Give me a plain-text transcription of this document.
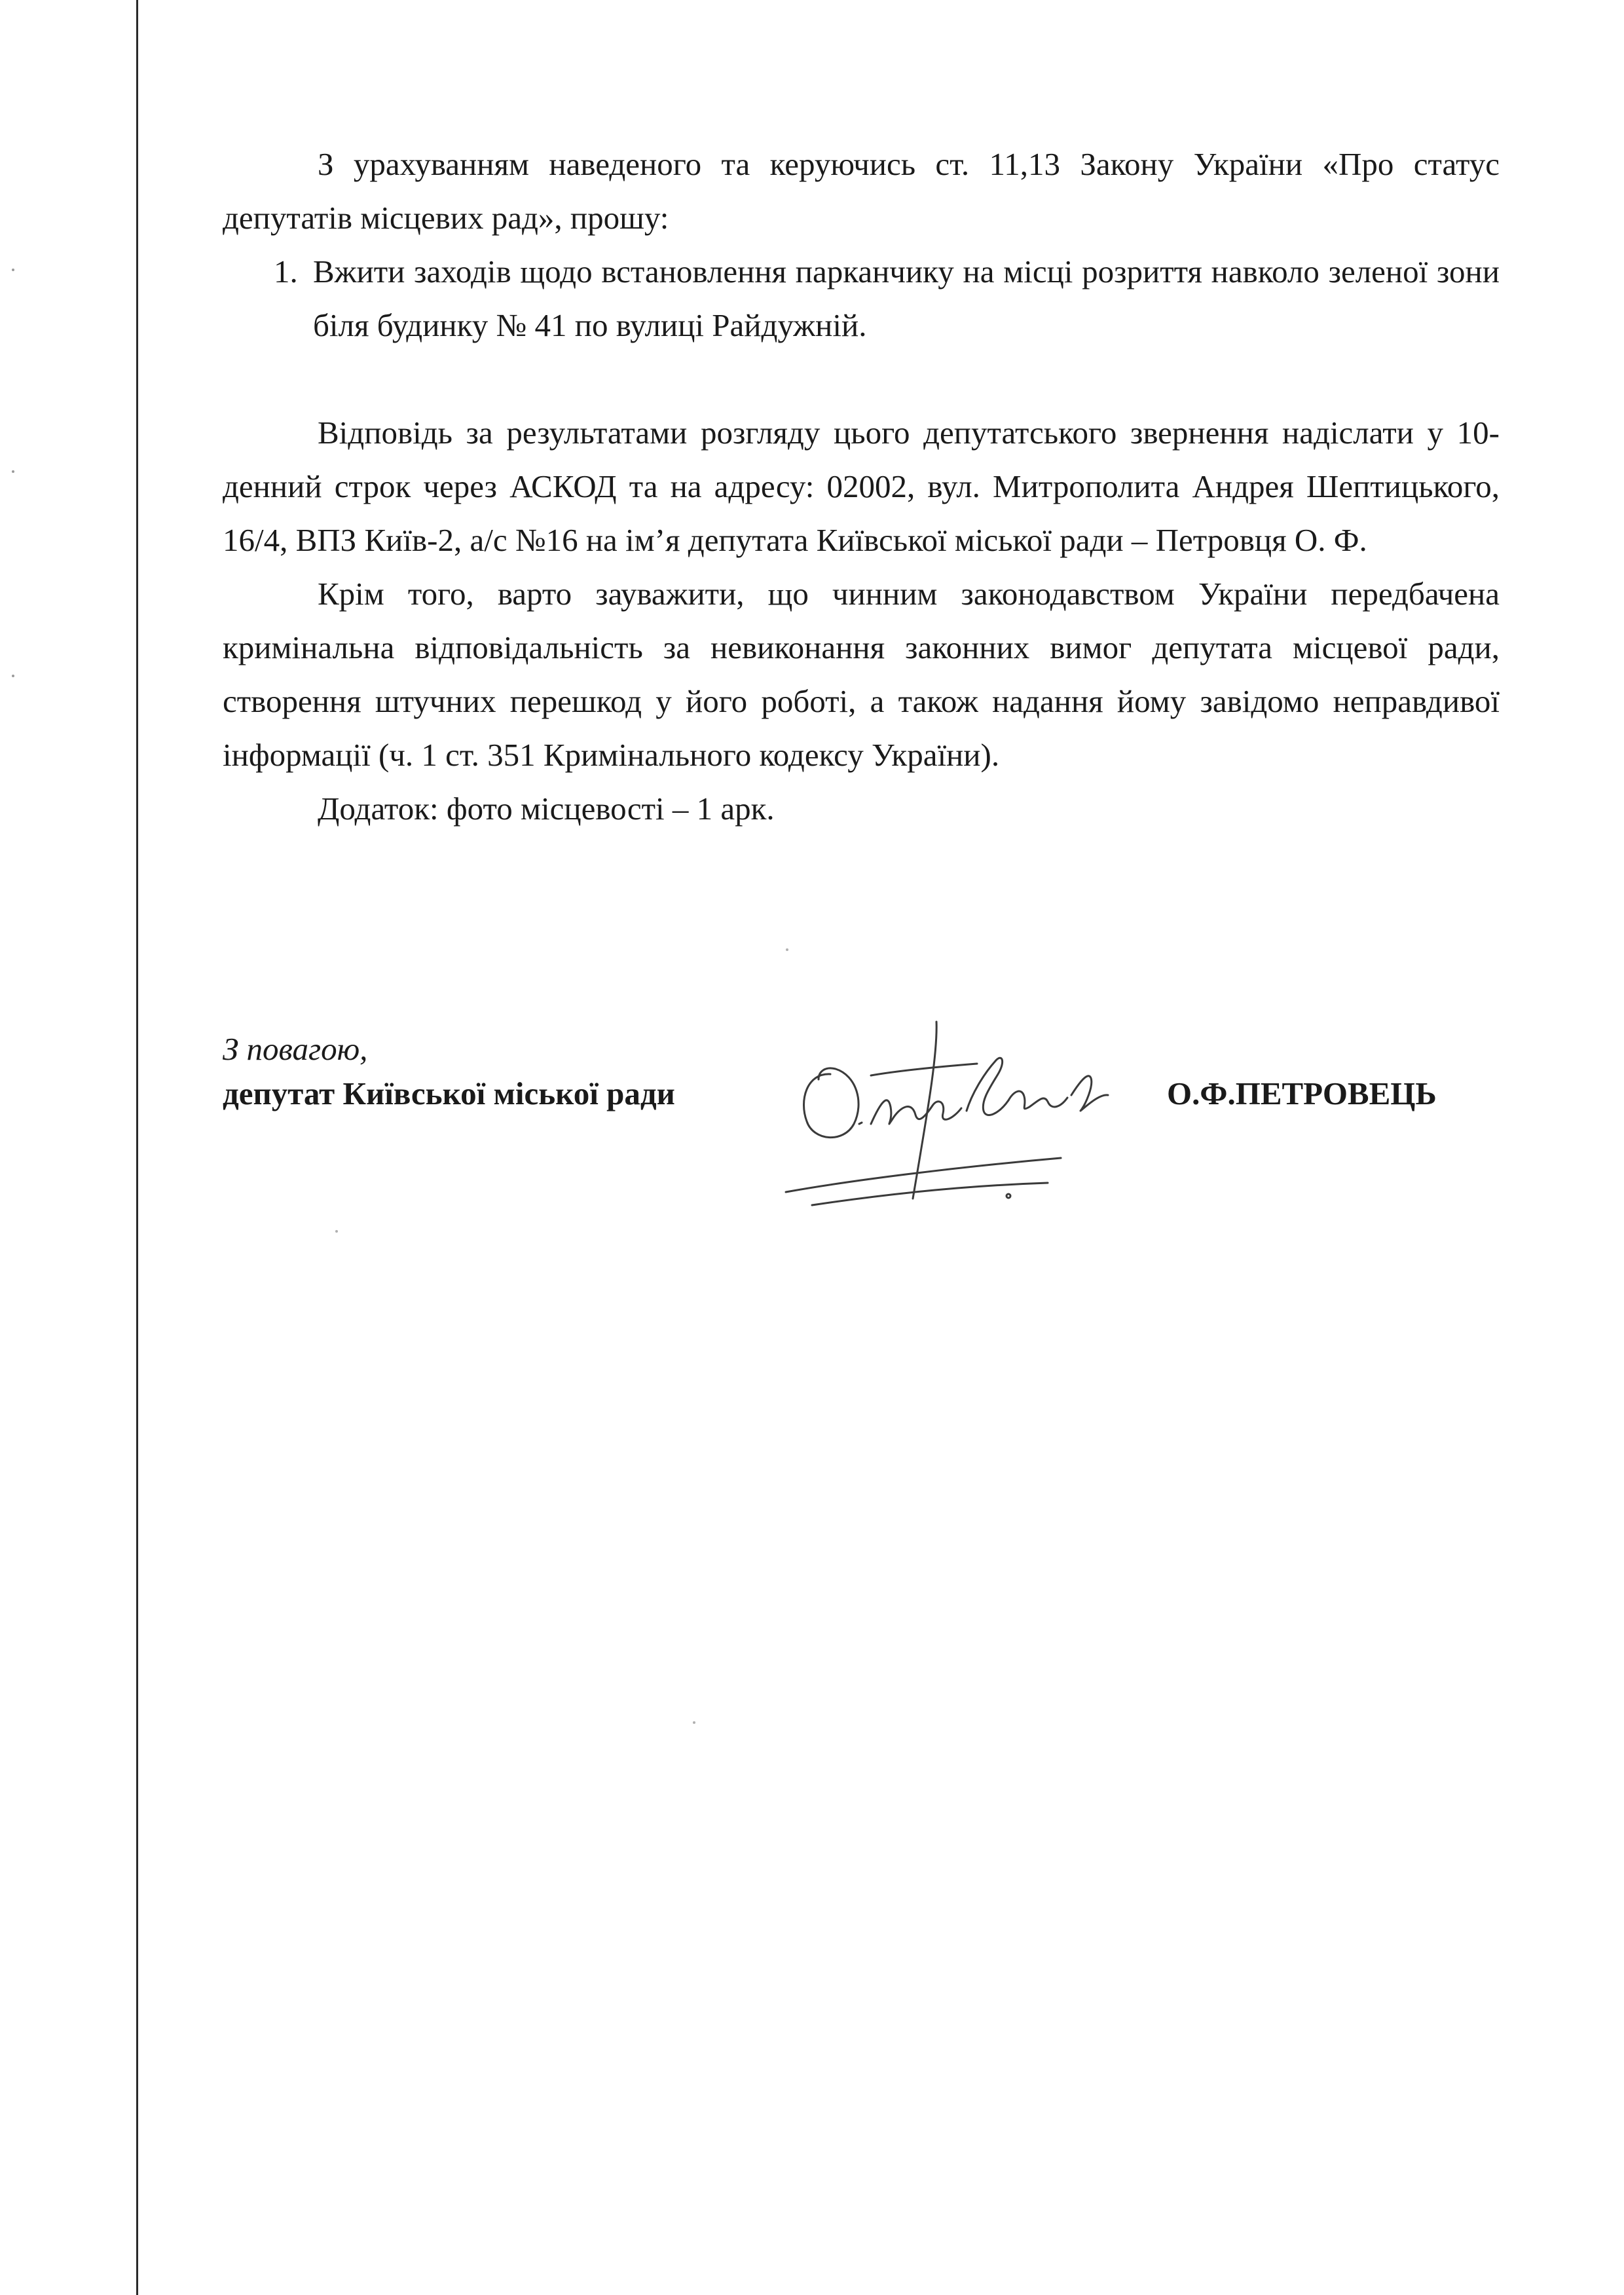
З урахуванням наведеного та керуючись ст. 11,13 Закону України «Про статус депутатів місцевих рад», прошу:

1. Вжити заходів щодо встановлення парканчику на місці розриття навколо зеленої зони біля будинку № 41 по вулиці Райдужній.

Відповідь за результатами розгляду цього депутатського звернення надіслати у 10-денний строк через АСКОД та на адресу: 02002, вул. Митрополита Андрея Шептицького, 16/4, ВПЗ Київ-2, а/с №16 на ім’я депутата Київської міської ради – Петровця О. Ф.

Крім того, варто зауважити, що чинним законодавством України передбачена кримінальна відповідальність за невиконання законних вимог депутата місцевої ради, створення штучних перешкод у його роботі, а також надання йому завідомо неправдивої інформації (ч. 1 ст. 351 Кримінального кодексу України).

Додаток: фото місцевості – 1 арк.

З повагою,
депутат Київської міської ради	О.Ф.ПЕТРОВЕЦЬ
